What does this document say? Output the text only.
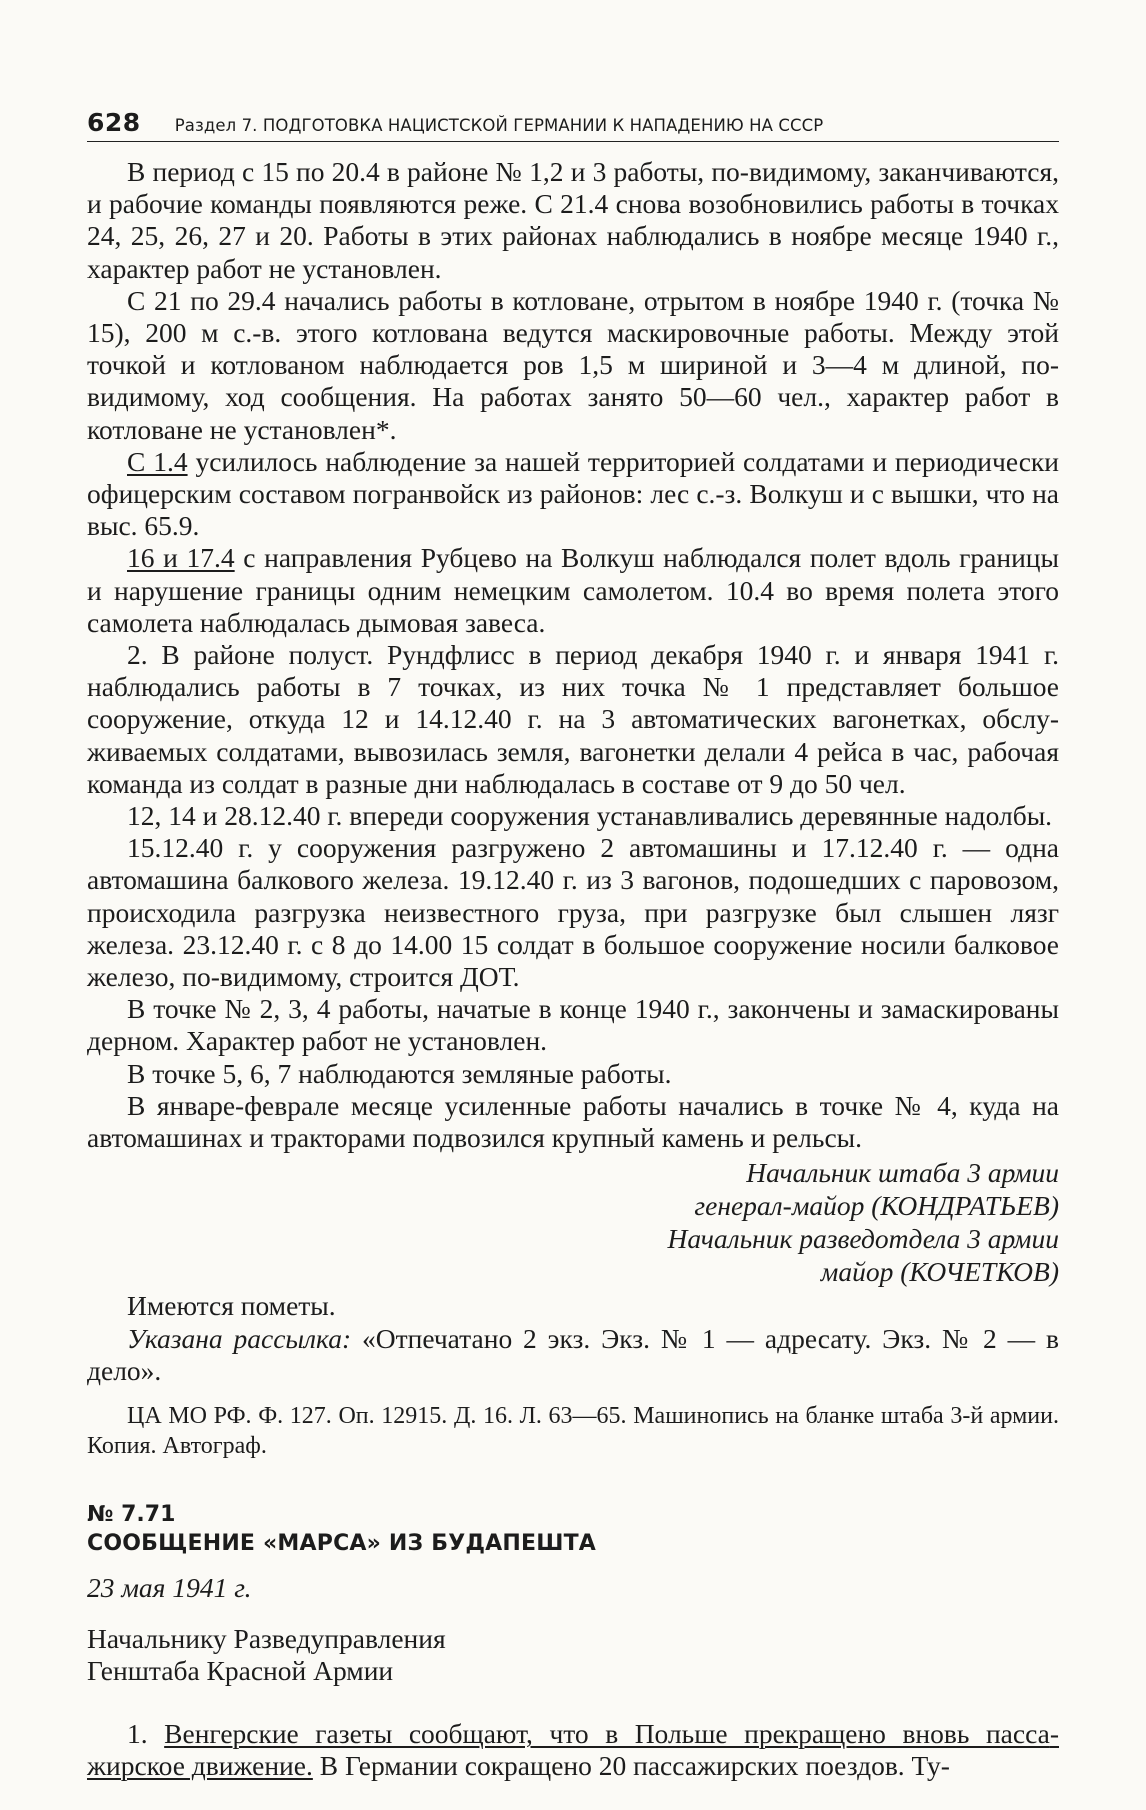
628 Раздел 7. ПОДГОТОВКА НАЦИСТСКОЙ ГЕРМАНИИ К НАПАДЕНИЮ НА СССР

В период с 15 по 20.4 в районе № 1,2 и 3 работы, по-видимому, заканчиваются, и рабочие команды появляются реже. С 21.4 снова возобновились работы в точках 24, 25, 26, 27 и 20. Работы в этих районах наблюдались в ноябре месяце 1940 г., характер работ не установлен.

С 21 по 29.4 начались работы в котловане, отрытом в ноябре 1940 г. (точка № 15), 200 м с.-в. этого котлована ведутся маскировочные работы. Между этой точкой и котлованом наблюдается ров 1,5 м шириной и 3—4 м длиной, по-видимому, ход сообщения. На работах занято 50—60 чел., характер работ в котловане не установлен*.

С 1.4 усилилось наблюдение за нашей территорией солдатами и периодически офицерским составом погранвойск из районов: лес с.-з. Волкуш и с вышки, что на выс. 65.9.

16 и 17.4 с направления Рубцево на Волкуш наблюдался полет вдоль границы и нарушение границы одним немецким самолетом. 10.4 во время полета этого самолета наблюдалась дымовая завеса.

2. В районе полуст. Рундфлисс в период декабря 1940 г. и января 1941 г. наблюдались работы в 7 точках, из них точка № 1 представляет большое сооружение, откуда 12 и 14.12.40 г. на 3 автоматических вагонетках, обслуживаемых солдатами, вывозилась земля, вагонетки делали 4 рейса в час, рабочая команда из солдат в разные дни наблюдалась в составе от 9 до 50 чел.

12, 14 и 28.12.40 г. впереди сооружения устанавливались деревянные надолбы.

15.12.40 г. у сооружения разгружено 2 автомашины и 17.12.40 г. — одна автомашина балкового железа. 19.12.40 г. из 3 вагонов, подошедших с паровозом, происходила разгрузка неизвестного груза, при разгрузке был слышен лязг железа. 23.12.40 г. с 8 до 14.00 15 солдат в большое сооружение носили балковое железо, по-видимому, строится ДОТ.

В точке № 2, 3, 4 работы, начатые в конце 1940 г., закончены и замаскированы дерном. Характер работ не установлен.

В точке 5, 6, 7 наблюдаются земляные работы.

В январе-феврале месяце усиленные работы начались в точке № 4, куда на автомашинах и тракторами подвозился крупный камень и рельсы.

Начальник штаба 3 армии
генерал-майор (КОНДРАТЬЕВ)
Начальник разведотдела 3 армии
майор (КОЧЕТКОВ)

Имеются пометы.

Указана рассылка: «Отпечатано 2 экз. Экз. № 1 — адресату. Экз. № 2 — в дело».

ЦА МО РФ. Ф. 127. Оп. 12915. Д. 16. Л. 63—65. Машинопись на бланке штаба 3-й армии. Копия. Автограф.

№ 7.71
СООБЩЕНИЕ «МАРСА» ИЗ БУДАПЕШТА
23 мая 1941 г.
Начальнику Разведуправления
Генштаба Красной Армии

1. Венгерские газеты сообщают, что в Польше прекращено вновь пассажирское движение. В Германии сокращено 20 пассажирских поездов. Ту-
